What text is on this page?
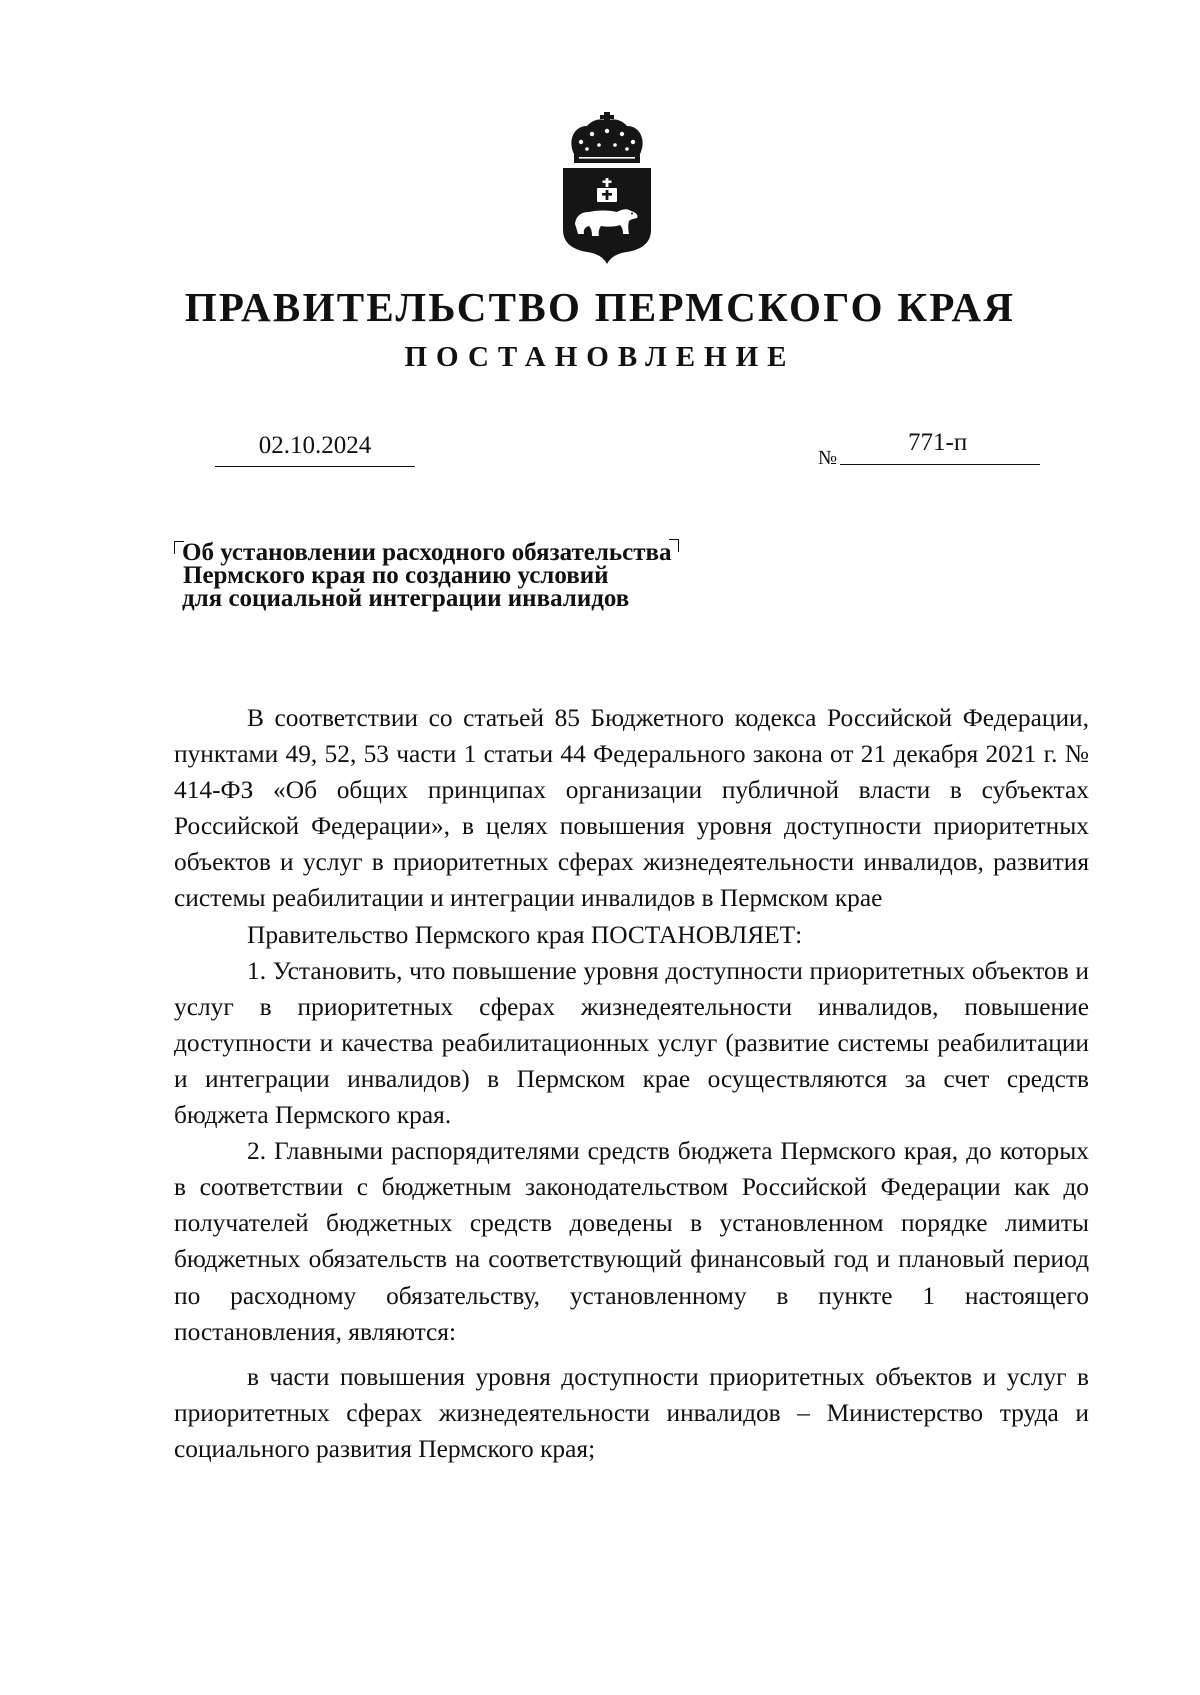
ПРАВИТЕЛЬСТВО ПЕРМСКОГО КРАЯ
ПОСТАНОВЛЕНИЕ
02.10.2024	№
771-п
Об установлении расходного обязательства
Пермского края по созданию условий
для социальной интеграции инвалидов

В соответствии со статьей 85 Бюджетного кодекса Российской Федерации, пунктами 49, 52, 53 части 1 статьи 44 Федерального закона от 21 декабря 2021 г. № 414-ФЗ «Об общих принципах организации публичной власти в субъектах Российской Федерации», в целях повышения уровня доступности приоритетных объектов и услуг в приоритетных сферах жизнедеятельности инвалидов, развития системы реабилитации и интеграции инвалидов в Пермском крае

Правительство Пермского края ПОСТАНОВЛЯЕТ:

1. Установить, что повышение уровня доступности приоритетных объектов и услуг в приоритетных сферах жизнедеятельности инвалидов, повышение доступности и качества реабилитационных услуг (развитие системы реабилитации и интеграции инвалидов) в Пермском крае осуществляются за счет средств бюджета Пермского края.

2. Главными распорядителями средств бюджета Пермского края, до которых в соответствии с бюджетным законодательством Российской Федерации как до получателей бюджетных средств доведены в установленном порядке лимиты бюджетных обязательств на соответствующий финансовый год и плановый период по расходному обязательству, установленному в пункте 1 настоящего постановления, являются:

в части повышения уровня доступности приоритетных объектов и услуг в приоритетных сферах жизнедеятельности инвалидов – Министерство труда и социального развития Пермского края;
